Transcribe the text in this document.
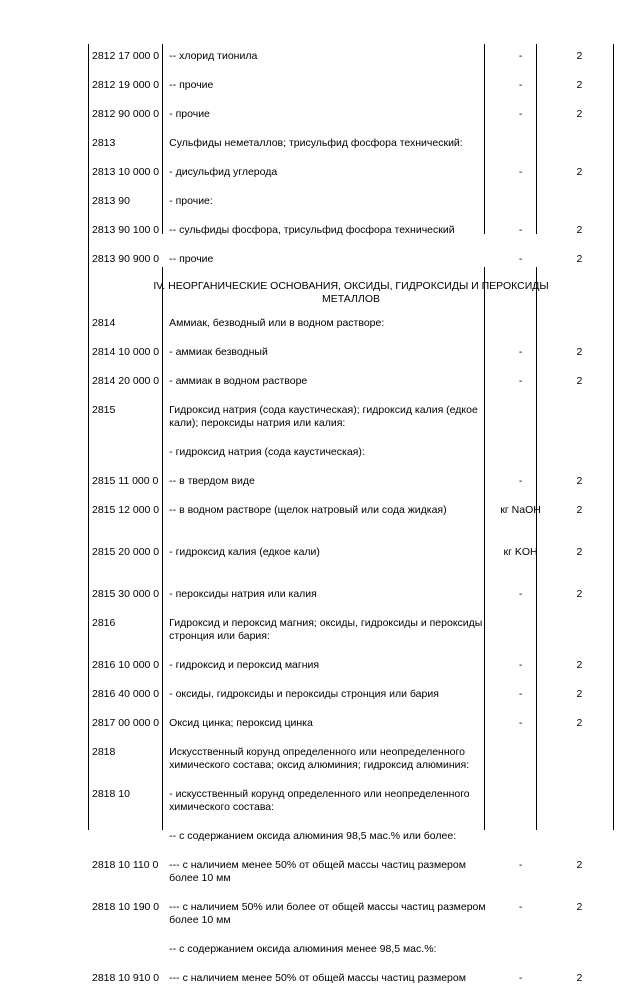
2812 17 000 0	-- хлорид тионила	-	2
2812 19 000 0	-- прочие	-	2
2812 90 000 0	- прочие	-	2
2813	Сульфиды неметаллов; трисульфид фосфора технический:		
2813 10 000 0	- дисульфид углерода	-	2
2813 90	- прочие:		
2813 90 100 0	-- сульфиды фосфора, трисульфид фосфора технический	-	2
2813 90 900 0	-- прочие	-	2
IV. НЕОРГАНИЧЕСКИЕ ОСНОВАНИЯ, ОКСИДЫ, ГИДРОКСИДЫ И ПЕРОКСИДЫ МЕТАЛЛОВ			
2814	Аммиак, безводный или в водном растворе:		
2814 10 000 0	- аммиак безводный	-	2
2814 20 000 0	- аммиак в водном растворе	-	2
2815	Гидроксид натрия (сода каустическая); гидроксид калия (едкое кали); пероксиды натрия или калия:		
	- гидроксид натрия (сода каустическая):		
2815 11 000 0	-- в твердом виде	-	2
2815 12 000 0	-- в водном растворе (щелок натровый или сода жидкая)	кг NaOH	2
2815 20 000 0	- гидроксид калия (едкое кали)	кг KOH	2
2815 30 000 0	- пероксиды натрия или калия	-	2
2816	Гидроксид и пероксид магния; оксиды, гидроксиды и пероксиды стронция или бария:		
2816 10 000 0	- гидроксид и пероксид магния	-	2
2816 40 000 0	- оксиды, гидроксиды и пероксиды стронция или бария	-	2
2817 00 000 0	Оксид цинка; пероксид цинка	-	2
2818	Искусственный корунд определенного или неопределенного химического состава; оксид алюминия; гидроксид алюминия:		
2818 10	- искусственный корунд определенного или неопределенного химического состава:		
	-- с содержанием оксида алюминия 98,5 мас.% или более:		
2818 10 110 0	--- с наличием менее 50% от общей массы частиц размером более 10 мм	-	2
2818 10 190 0	--- с наличием 50% или более от общей массы частиц размером более 10 мм	-	2
	-- с содержанием оксида алюминия менее 98,5 мас.%:		
2818 10 910 0	--- с наличием менее 50% от общей массы частиц размером	-	2
